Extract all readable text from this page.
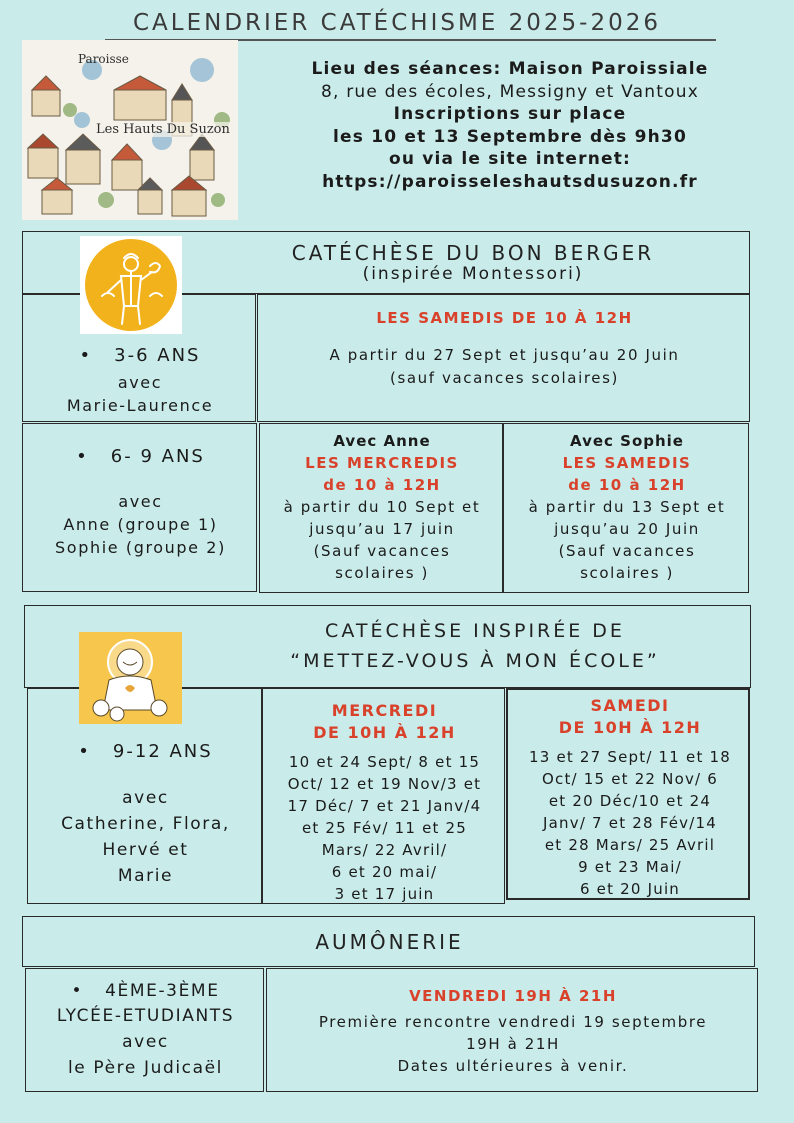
CALENDRIER CATÉCHISME 2025-2026
Paroisse
Les Hauts Du Suzon
Lieu des séances: Maison Paroissiale
8, rue des écoles, Messigny et Vantoux
Inscriptions sur place
les 10 et 13 Septembre dès 9h30
ou via le site internet:
https://paroisseleshautsdusuzon.fr
CATÉCHÈSE DU BON BERGER
(inspirée Montessori)
• 3-6 ANS
avec
Marie-Laurence
LES SAMEDIS DE 10 À 12H
A partir du 27 Sept et jusqu’au 20 Juin
(sauf vacances scolaires)
• 6- 9 ANS
avec
Anne (groupe 1)
Sophie (groupe 2)
Avec Anne
LES MERCREDIS
de 10 à 12H
à partir du 10 Sept et
jusqu’au 17 juin
(Sauf vacances
scolaires )
Avec Sophie
LES SAMEDIS
de 10 à 12H
à partir du 13 Sept et
jusqu’au 20 Juin
(Sauf vacances
scolaires )
CATÉCHÈSE INSPIRÉE DE
“METTEZ-VOUS À MON ÉCOLE”
• 9-12 ANS
avec
Catherine, Flora,
Hervé et
Marie
MERCREDI
DE 10H À 12H
10 et 24 Sept/ 8 et 15
Oct/ 12 et 19 Nov/3 et
17 Déc/ 7 et 21 Janv/4
et 25 Fév/ 11 et 25
Mars/ 22 Avril/
6 et 20 mai/
3 et 17 juin
SAMEDI
DE 10H À 12H
13 et 27 Sept/ 11 et 18
Oct/ 15 et 22 Nov/ 6
et 20 Déc/10 et 24
Janv/ 7 et 28 Fév/14
et 28 Mars/ 25 Avril
9 et 23 Mai/
6 et 20 Juin
AUMÔNERIE
• 4ÈME-3ÈME
LYCÉE-ETUDIANTS
avec
le Père Judicaël
VENDREDI 19H À 21H
Première rencontre vendredi 19 septembre
19H à 21H
Dates ultérieures à venir.
